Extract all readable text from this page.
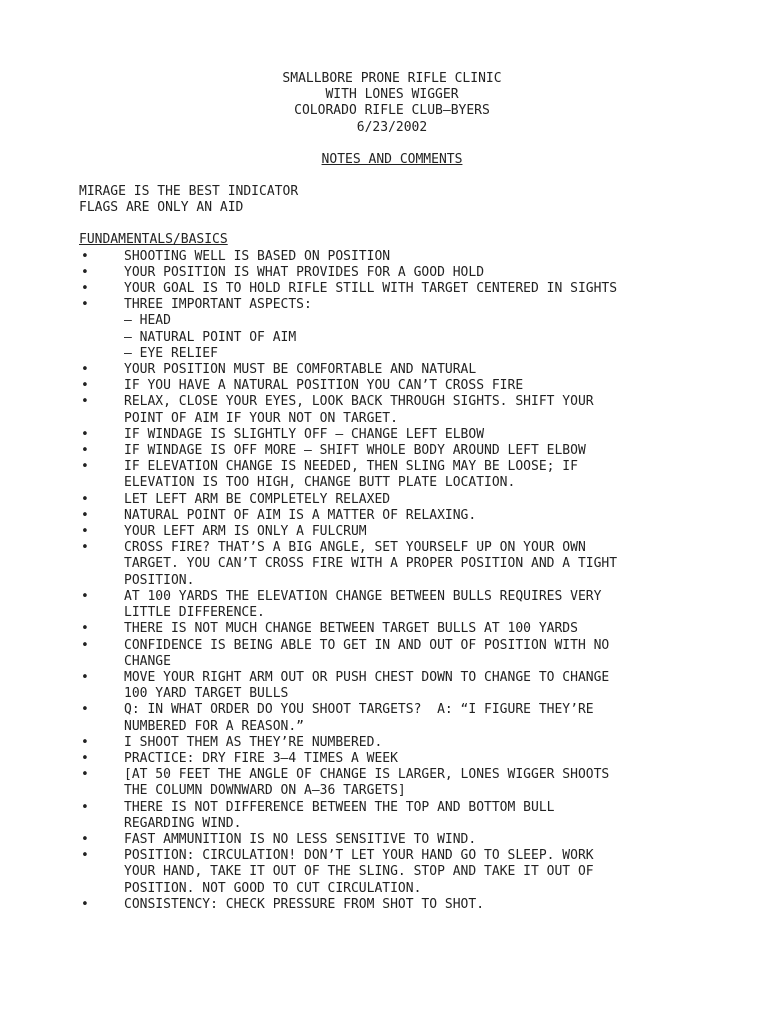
SMALLBORE PRONE RIFLE CLINIC
WITH LONES WIGGER
COLORADO RIFLE CLUB–BYERS
6/23/2002
NOTES AND COMMENTS
MIRAGE IS THE BEST INDICATOR
FLAGS ARE ONLY AN AID
FUNDAMENTALS/BASICS
•	SHOOTING WELL IS BASED ON POSITION
•	YOUR POSITION IS WHAT PROVIDES FOR A GOOD HOLD
•	YOUR GOAL IS TO HOLD RIFLE STILL WITH TARGET CENTERED IN SIGHTS
•	THREE IMPORTANT ASPECTS:
– HEAD
– NATURAL POINT OF AIM
– EYE RELIEF
•	YOUR POSITION MUST BE COMFORTABLE AND NATURAL
•	IF YOU HAVE A NATURAL POSITION YOU CAN’T CROSS FIRE
•	RELAX, CLOSE YOUR EYES, LOOK BACK THROUGH SIGHTS. SHIFT YOUR
POINT OF AIM IF YOUR NOT ON TARGET.
•	IF WINDAGE IS SLIGHTLY OFF – CHANGE LEFT ELBOW
•	IF WINDAGE IS OFF MORE – SHIFT WHOLE BODY AROUND LEFT ELBOW
•	IF ELEVATION CHANGE IS NEEDED, THEN SLING MAY BE LOOSE; IF
ELEVATION IS TOO HIGH, CHANGE BUTT PLATE LOCATION.
•	LET LEFT ARM BE COMPLETELY RELAXED
•	NATURAL POINT OF AIM IS A MATTER OF RELAXING.
•	YOUR LEFT ARM IS ONLY A FULCRUM
•	CROSS FIRE? THAT’S A BIG ANGLE, SET YOURSELF UP ON YOUR OWN
TARGET. YOU CAN’T CROSS FIRE WITH A PROPER POSITION AND A TIGHT
POSITION.
•	AT 100 YARDS THE ELEVATION CHANGE BETWEEN BULLS REQUIRES VERY
LITTLE DIFFERENCE.
•	THERE IS NOT MUCH CHANGE BETWEEN TARGET BULLS AT 100 YARDS
•	CONFIDENCE IS BEING ABLE TO GET IN AND OUT OF POSITION WITH NO
CHANGE
•	MOVE YOUR RIGHT ARM OUT OR PUSH CHEST DOWN TO CHANGE TO CHANGE
100 YARD TARGET BULLS
•	Q: IN WHAT ORDER DO YOU SHOOT TARGETS?  A: “I FIGURE THEY’RE
NUMBERED FOR A REASON.”
•	I SHOOT THEM AS THEY’RE NUMBERED.
•	PRACTICE: DRY FIRE 3–4 TIMES A WEEK
•	[AT 50 FEET THE ANGLE OF CHANGE IS LARGER, LONES WIGGER SHOOTS
THE COLUMN DOWNWARD ON A–36 TARGETS]
•	THERE IS NOT DIFFERENCE BETWEEN THE TOP AND BOTTOM BULL
REGARDING WIND.
•	FAST AMMUNITION IS NO LESS SENSITIVE TO WIND.
•	POSITION: CIRCULATION! DON’T LET YOUR HAND GO TO SLEEP. WORK
YOUR HAND, TAKE IT OUT OF THE SLING. STOP AND TAKE IT OUT OF
POSITION. NOT GOOD TO CUT CIRCULATION.
•	CONSISTENCY: CHECK PRESSURE FROM SHOT TO SHOT.
